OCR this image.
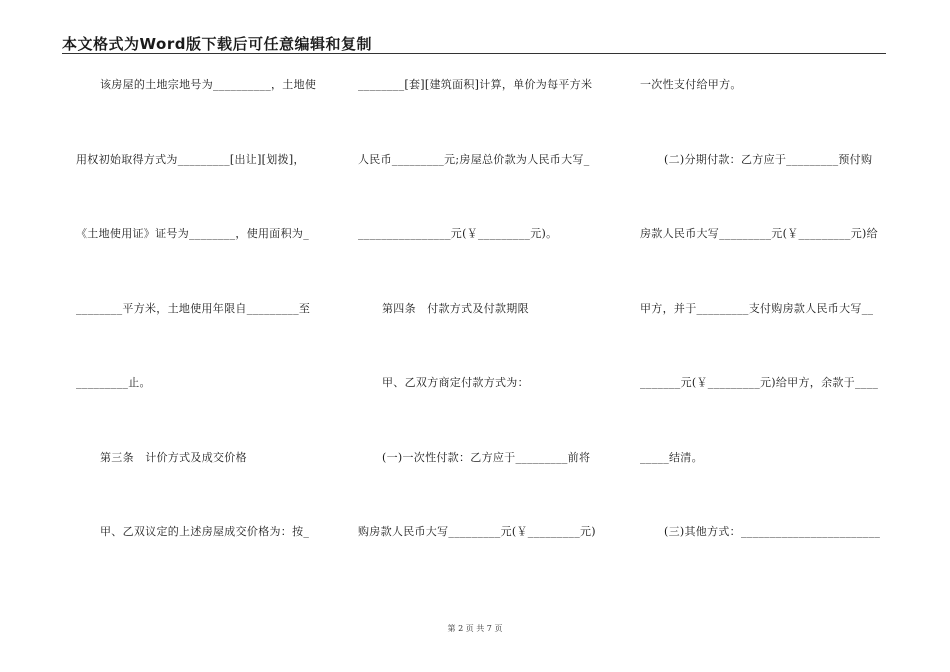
本文格式为Word版下载后可任意编辑和复制
该房屋的土地宗地号为__________，土地使
用权初始取得方式为_________[出让][划拨]，
《土地使用证》证号为________，使用面积为_
________平方米，土地使用年限自_________至
_________止。
第三条　计价方式及成交价格
甲、乙双议定的上述房屋成交价格为：按_
________[套][建筑面积]计算，单价为每平方米
人民币_________元;房屋总价款为人民币大写_
________________元(￥_________元)。
第四条　付款方式及付款期限
甲、乙双方商定付款方式为：
(一)一次性付款：乙方应于_________前将
购房款人民币大写_________元(￥_________元)
一次性支付给甲方。
(二)分期付款：乙方应于_________预付购
房款人民币大写_________元(￥_________元)给
甲方，并于_________支付购房款人民币大写__
_______元(￥_________元)给甲方，余款于____
_____结清。
(三)其他方式：________________________
第 2 页 共 7 页
